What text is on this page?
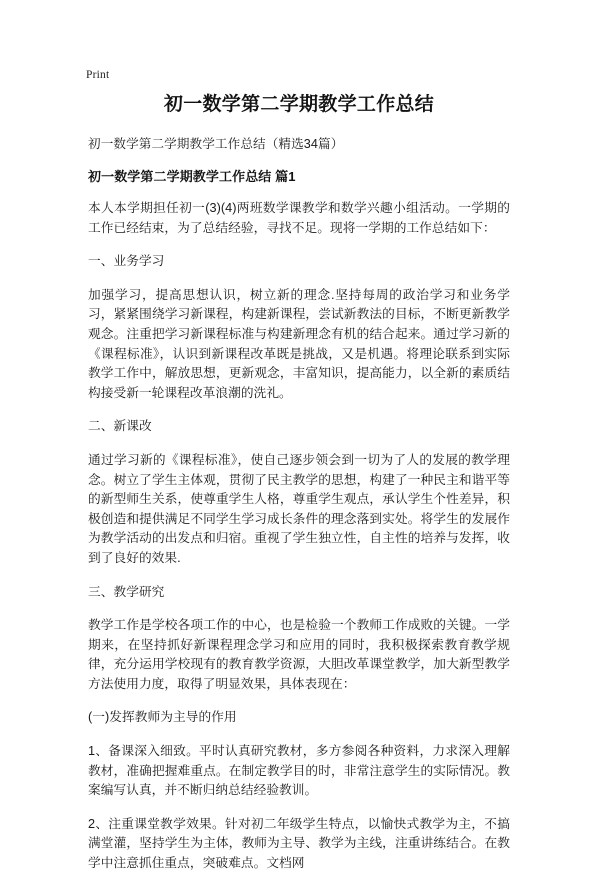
Print
初一数学第二学期教学工作总结
初一数学第二学期教学工作总结（精选34篇）
初一数学第二学期教学工作总结 篇1

本人本学期担任初一(3)(4)两班数学课教学和数学兴趣小组活动。一学期的工作已经结束，为了总结经验，寻找不足。现将一学期的工作总结如下：

一、业务学习

加强学习，提高思想认识，树立新的理念.坚持每周的政治学习和业务学习，紧紧围绕学习新课程，构建新课程，尝试新教法的目标，不断更新教学观念。注重把学习新课程标准与构建新理念有机的结合起来。通过学习新的《课程标准》，认识到新课程改革既是挑战，又是机遇。将理论联系到实际教学工作中，解放思想，更新观念，丰富知识，提高能力，以全新的素质结构接受新一轮课程改革浪潮的洗礼。

二、新课改

通过学习新的《课程标准》，使自己逐步领会到一切为了人的发展的教学理念。树立了学生主体观，贯彻了民主教学的思想，构建了一种民主和谐平等的新型师生关系，使尊重学生人格，尊重学生观点，承认学生个性差异，积极创造和提供满足不同学生学习成长条件的理念落到实处。将学生的发展作为教学活动的出发点和归宿。重视了学生独立性，自主性的培养与发挥，收到了良好的效果.

三、教学研究

教学工作是学校各项工作的中心，也是检验一个教师工作成败的关键。一学期来，在坚持抓好新课程理念学习和应用的同时，我积极探索教育教学规律，充分运用学校现有的教育教学资源，大胆改革课堂教学，加大新型教学方法使用力度，取得了明显效果，具体表现在：

(一)发挥教师为主导的作用

1、备课深入细致。平时认真研究教材，多方参阅各种资料，力求深入理解教材，准确把握难重点。在制定教学目的时，非常注意学生的实际情况。教案编写认真，并不断归纳总结经验教训。

2、注重课堂教学效果。针对初二年级学生特点，以愉快式教学为主，不搞满堂灌，坚持学生为主体，教师为主导、教学为主线，注重讲练结合。在教学中注意抓住重点，突破难点。文档网
